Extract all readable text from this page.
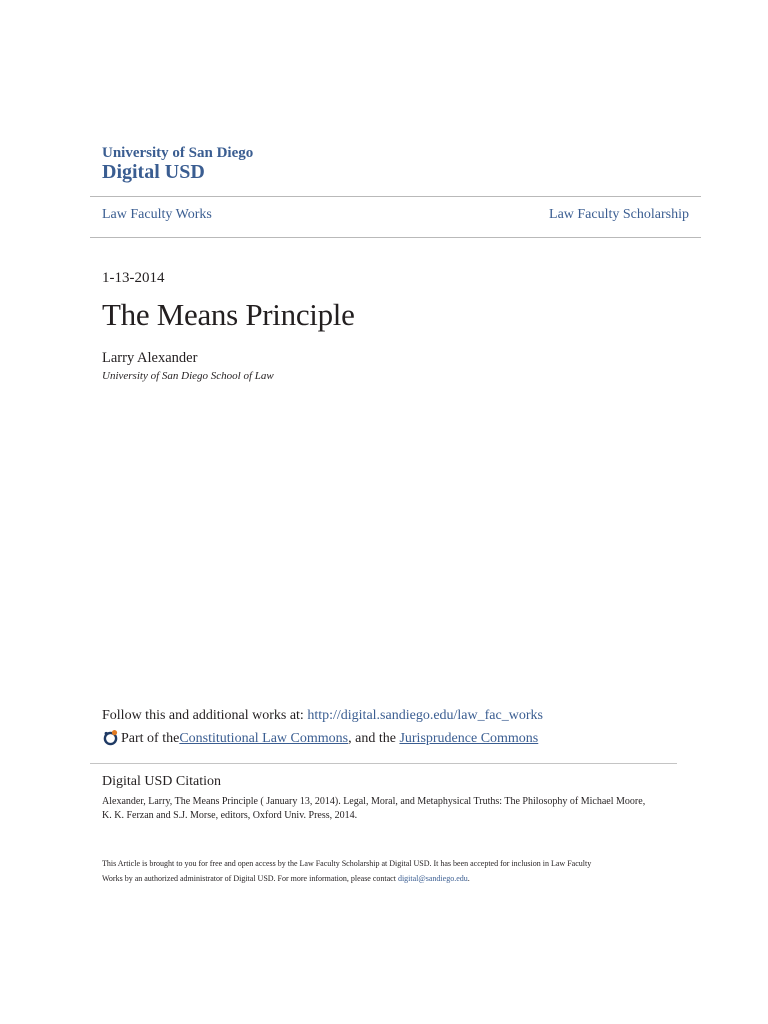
University of San Diego
Digital USD
Law Faculty Works	Law Faculty Scholarship
1-13-2014
The Means Principle
Larry Alexander
University of San Diego School of Law
Follow this and additional works at: http://digital.sandiego.edu/law_fac_works
Part of the Constitutional Law Commons , and the Jurisprudence Commons
Digital USD Citation
Alexander, Larry, The Means Principle ( January 13, 2014). Legal, Moral, and Metaphysical Truths: The Philosophy of Michael Moore,
K. K. Ferzan and S.J. Morse, editors, Oxford Univ. Press, 2014.
This Article is brought to you for free and open access by the Law Faculty Scholarship at Digital USD. It has been accepted for inclusion in Law Faculty
Works by an authorized administrator of Digital USD. For more information, please contact digital@sandiego.edu.
